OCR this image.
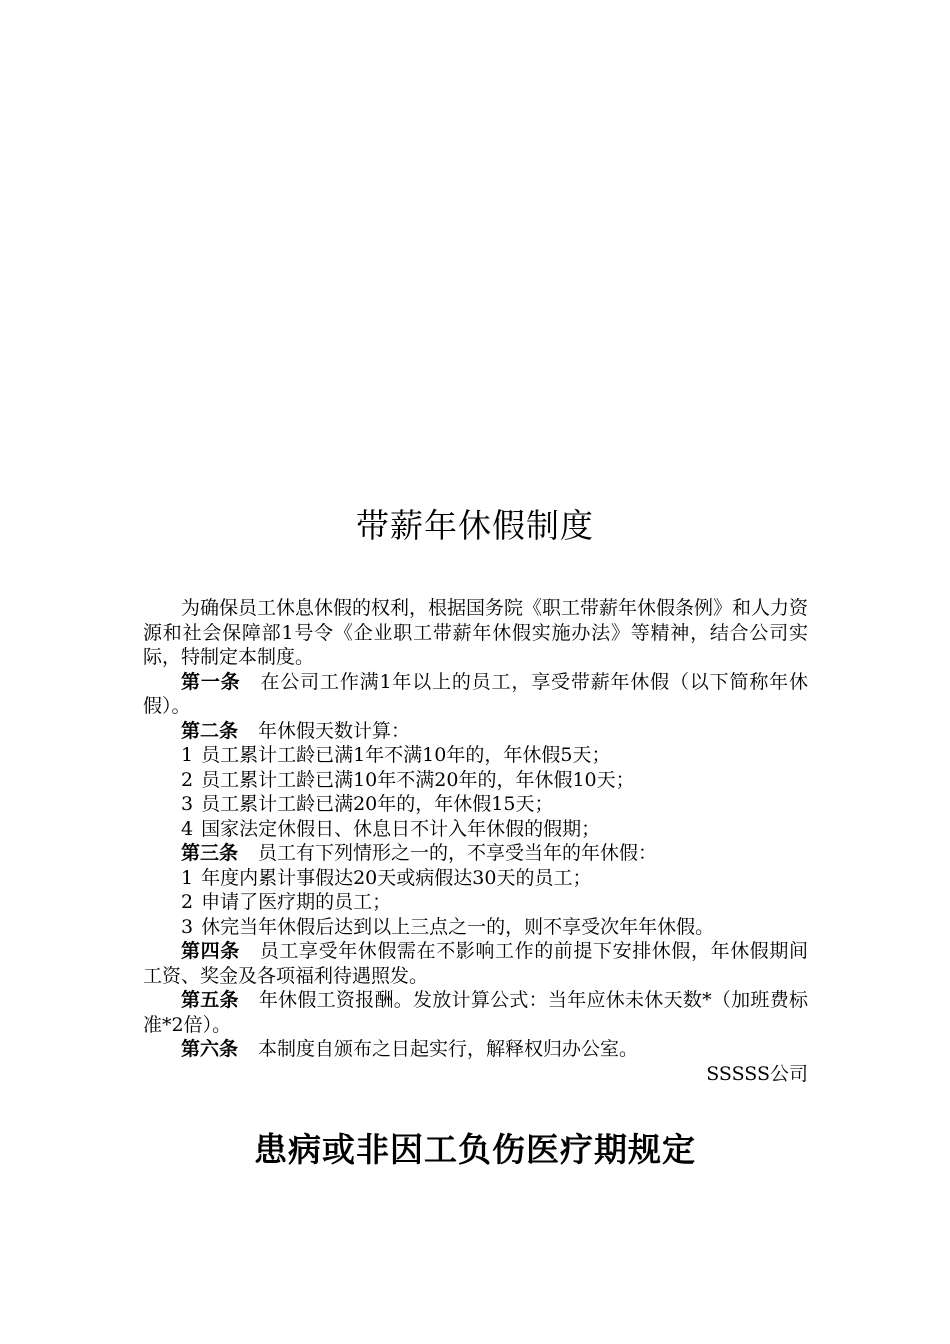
带薪年休假制度

为确保员工休息休假的权利，根据国务院《职工带薪年休假条例》和人力资源和社会保障部1号令《企业职工带薪年休假实施办法》等精神，结合公司实际，特制定本制度。

第一条 在公司工作满1年以上的员工，享受带薪年休假（以下简称年休假）。

第二条 年休假天数计算：

1 员工累计工龄已满1年不满10年的，年休假5天；

2 员工累计工龄已满10年不满20年的，年休假10天；

3 员工累计工龄已满20年的，年休假15天；

4 国家法定休假日、休息日不计入年休假的假期；

第三条 员工有下列情形之一的，不享受当年的年休假：

1 年度内累计事假达20天或病假达30天的员工；

2 申请了医疗期的员工；

3 休完当年休假后达到以上三点之一的，则不享受次年年休假。

第四条 员工享受年休假需在不影响工作的前提下安排休假，年休假期间工资、奖金及各项福利待遇照发。

第五条 年休假工资报酬。发放计算公式：当年应休未休天数*（加班费标准*2倍）。

第六条 本制度自颁布之日起实行，解释权归办公室。

SSSSS公司

患病或非因工负伤医疗期规定
